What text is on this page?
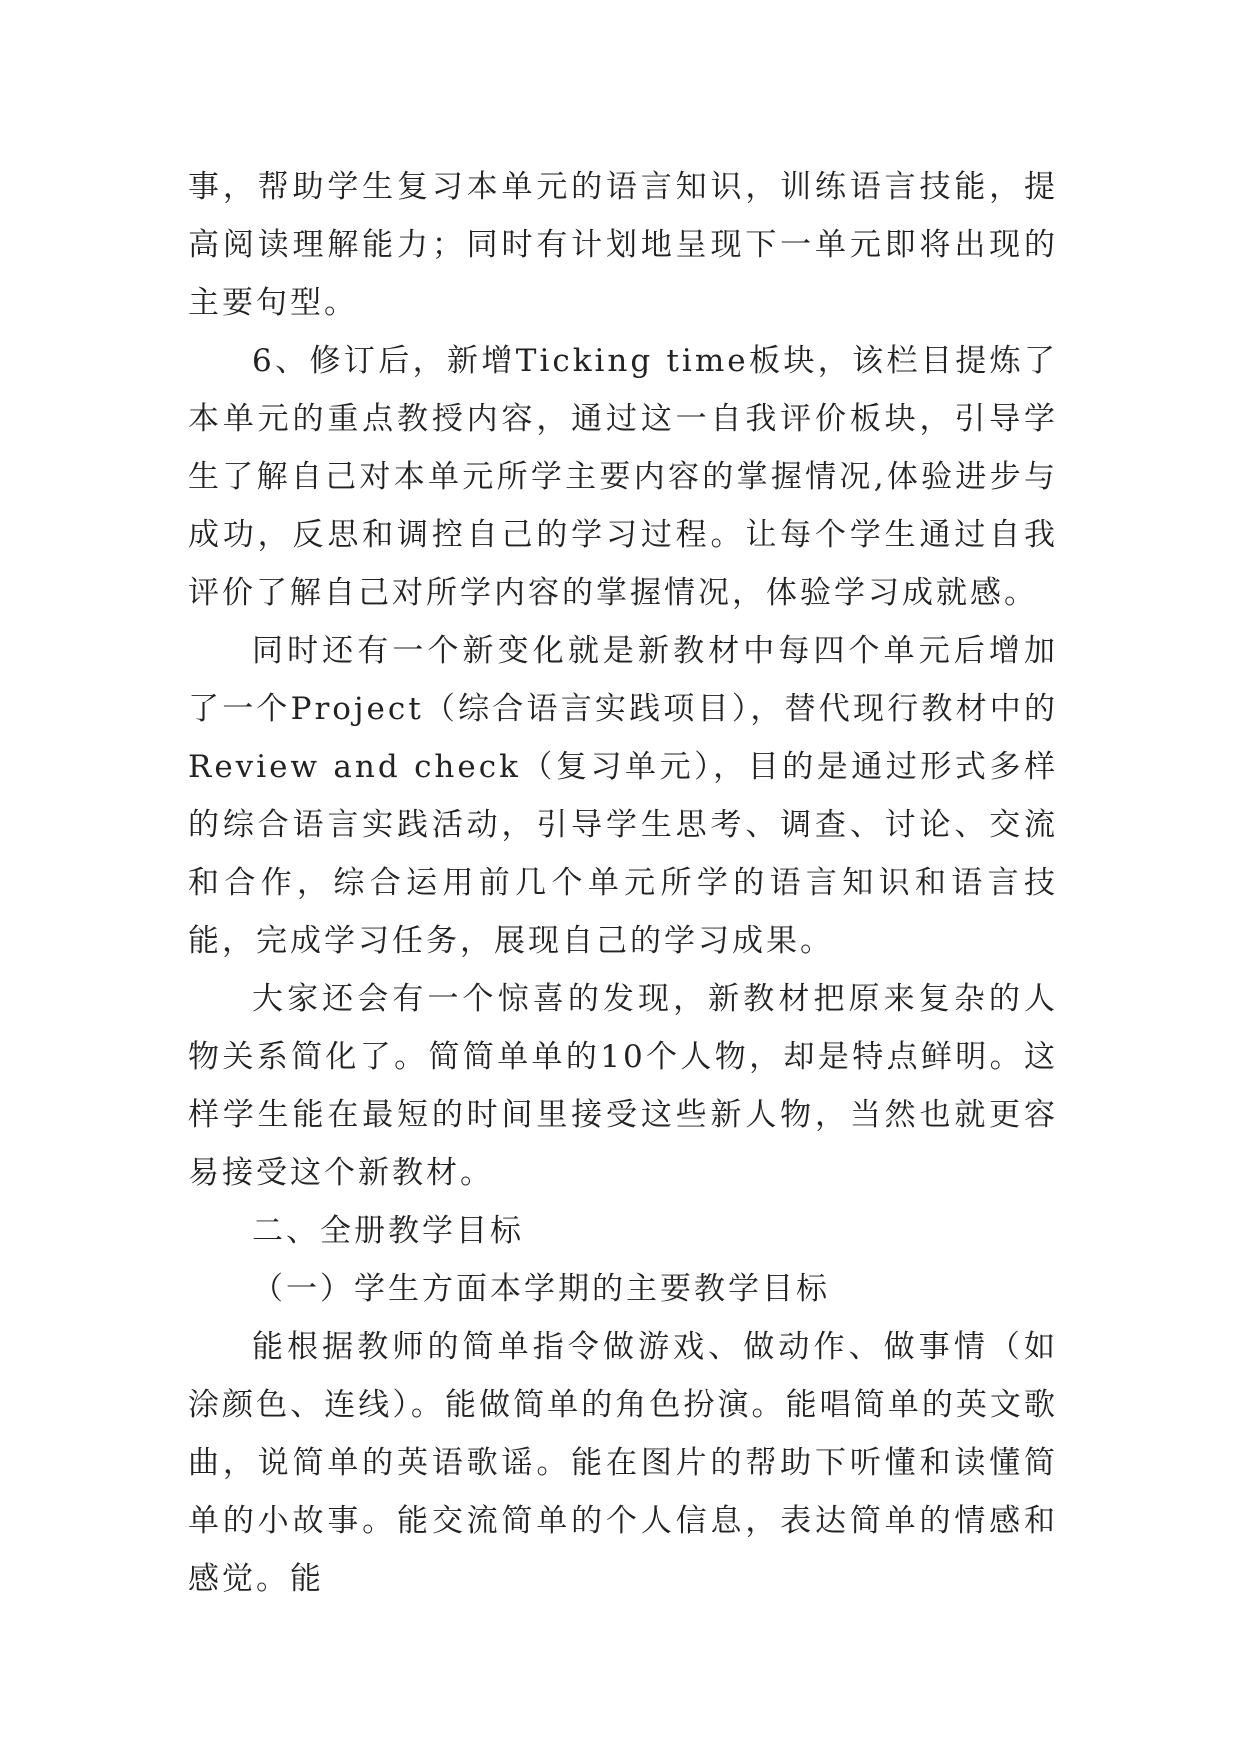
事，帮助学生复习本单元的语言知识，训练语言技能，提高阅读理解能力；同时有计划地呈现下一单元即将出现的主要句型。

6、修订后，新增Ticking time板块，该栏目提炼了本单元的重点教授内容，通过这一自我评价板块，引导学生了解自己对本单元所学主要内容的掌握情况,体验进步与成功，反思和调控自己的学习过程。让每个学生通过自我评价了解自己对所学内容的掌握情况，体验学习成就感。

同时还有一个新变化就是新教材中每四个单元后增加了一个Project（综合语言实践项目），替代现行教材中的Review and check（复习单元），目的是通过形式多样的综合语言实践活动，引导学生思考、调查、讨论、交流和合作，综合运用前几个单元所学的语言知识和语言技能，完成学习任务，展现自己的学习成果。

大家还会有一个惊喜的发现，新教材把原来复杂的人物关系简化了。简简单单的10个人物，却是特点鲜明。这样学生能在最短的时间里接受这些新人物，当然也就更容易接受这个新教材。

二、全册教学目标

（一）学生方面本学期的主要教学目标

能根据教师的简单指令做游戏、做动作、做事情（如涂颜色、连线）。能做简单的角色扮演。能唱简单的英文歌曲，说简单的英语歌谣。能在图片的帮助下听懂和读懂简单的小故事。能交流简单的个人信息，表达简单的情感和感觉。能
